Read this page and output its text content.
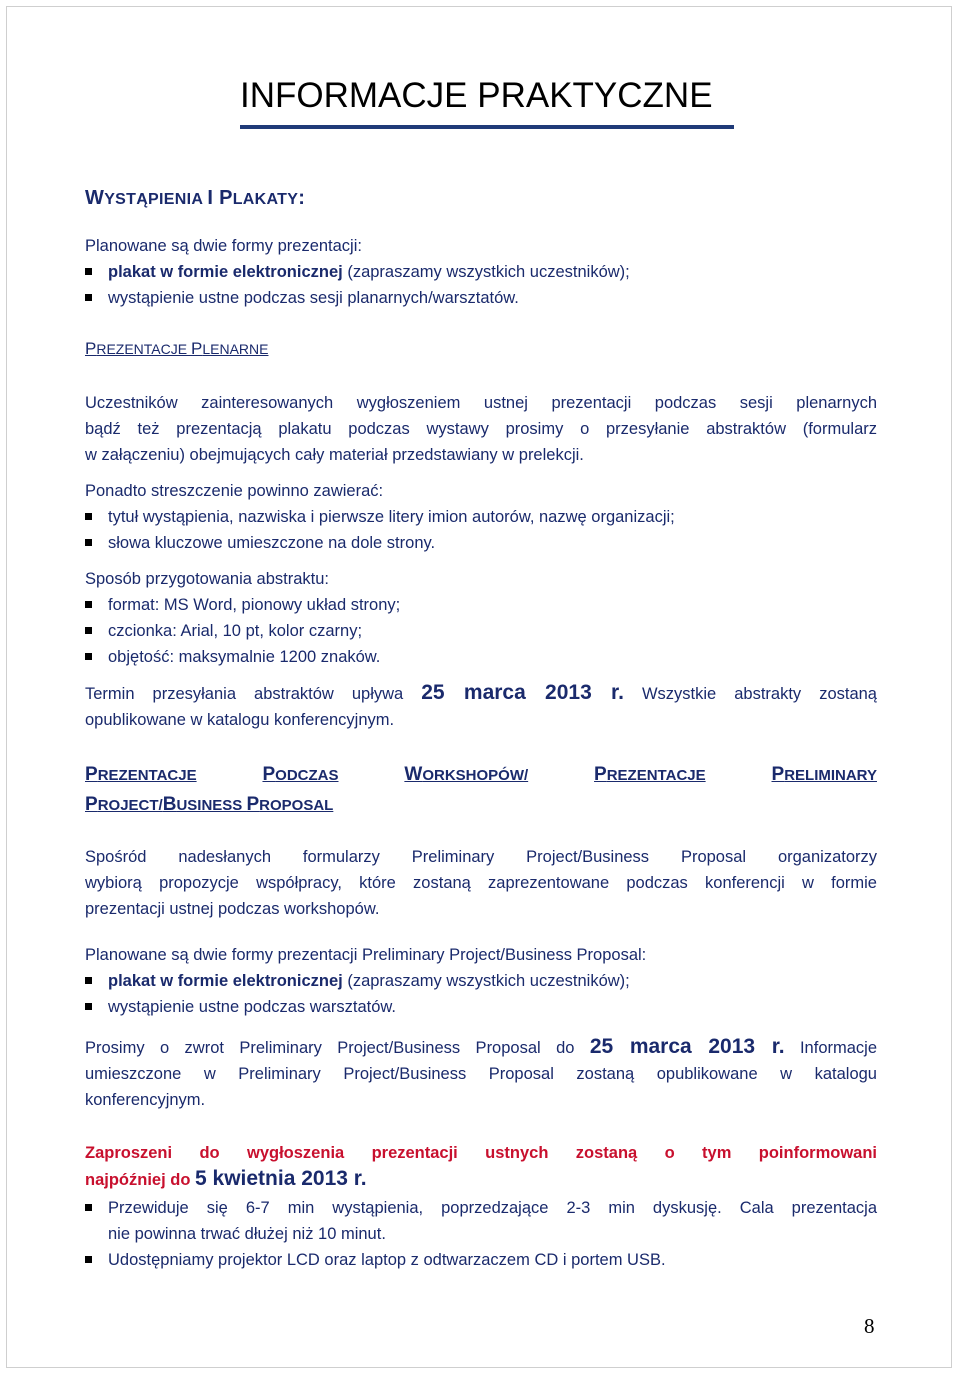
INFORMACJE PRAKTYCZNE
WYSTĄPIENIA I PLAKATY:

Planowane są dwie formy prezentacji:

plakat w formie elektronicznej (zapraszamy wszystkich uczestników);
wystąpienie ustne podczas sesji planarnych/warsztatów.
PREZENTACJE PLENARNE

Uczestników zainteresowanych wygłoszeniem ustnej prezentacji podczas sesji plenarnych

bądź też prezentacją plakatu podczas wystawy prosimy o przesyłanie abstraktów (formularz

w załączeniu) obejmujących cały materiał przedstawiany w prelekcji.

Ponadto streszczenie powinno zawierać:

tytuł wystąpienia, nazwiska i pierwsze litery imion autorów, nazwę organizacji;
słowa kluczowe umieszczone na dole strony.

Sposób przygotowania abstraktu:

format: MS Word, pionowy układ strony;
czcionka: Arial, 10 pt, kolor czarny;
objętość: maksymalnie 1200 znaków.

Termin przesyłania abstraktów upływa 25 marca 2013 r. Wszystkie abstrakty zostaną

opublikowane w katalogu konferencyjnym.

PREZENTACJE	PODCZAS	WORKSHOPÓW/	PREZENTACJE	PRELIMINARY
PROJECT/BUSINESS PROPOSAL

Spośród nadesłanych formularzy Preliminary Project/Business Proposal organizatorzy

wybiorą propozycje współpracy, które zostaną zaprezentowane podczas konferencji w formie

prezentacji ustnej podczas workshopów.

Planowane są dwie formy prezentacji Preliminary Project/Business Proposal:

plakat w formie elektronicznej (zapraszamy wszystkich uczestników);
wystąpienie ustne podczas warsztatów.

Prosimy o zwrot Preliminary Project/Business Proposal do 25 marca 2013 r. Informacje

umieszczone w Preliminary Project/Business Proposal zostaną opublikowane w katalogu

konferencyjnym.

Zaproszeni do wygłoszenia prezentacji ustnych zostaną o tym poinformowani

najpóźniej do 5 kwietnia 2013 r.

Przewiduje się 6-7 min wystąpienia, poprzedzające 2-3 min dyskusję. Cala prezentacja
nie powinna trwać dłużej niż 10 minut.
Udostępniamy projektor LCD oraz laptop z odtwarzaczem CD i portem USB.
8
